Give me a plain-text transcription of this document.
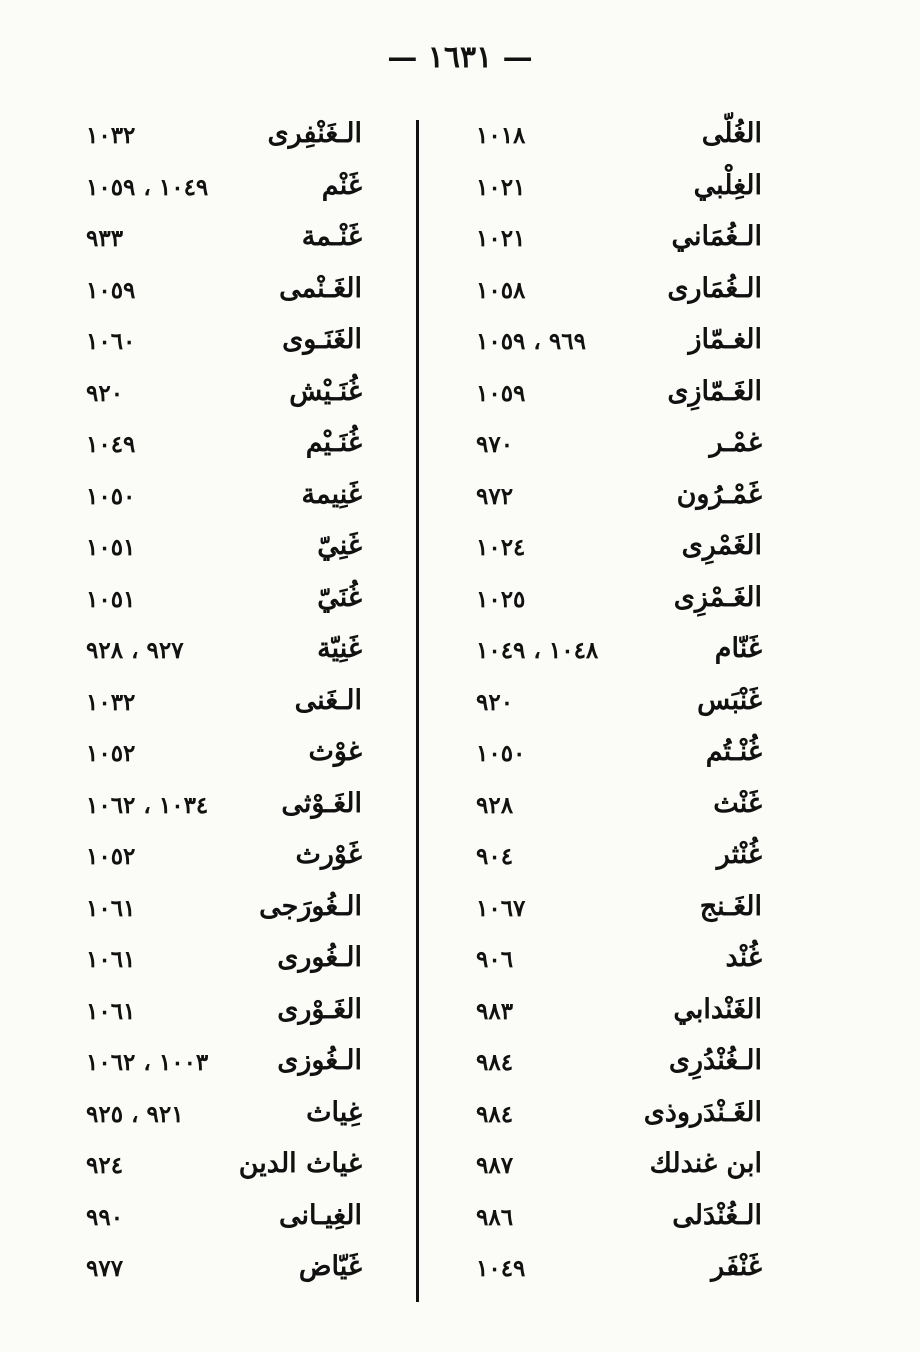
— ١٦٣١ —
الغُلّى
١٠١٨
الغِلْبي
١٠٢١
الـغُمَاني
١٠٢١
الـغُمَارى
١٠٥٨
الغـمّاز
٩٦٩ ، ١٠٥٩
الغَـمّازِى
١٠٥٩
غمْـر
٩٧٠
غَمْـرُون
٩٧٢
الغَمْرِى
١٠٢٤
الغَـمْزِى
١٠٢٥
غَنّام
١٠٤٨ ، ١٠٤٩
غَنْبَس
٩٢٠
غُنْـتُم
١٠٥٠
غَنْث
٩٢٨
غُنْثر
٩٠٤
الغَـنج
١٠٦٧
غُنْد
٩٠٦
الغَنْدابي
٩٨٣
الـغُنْدُرِى
٩٨٤
الغَـنْدَروذى
٩٨٤
ابن غندلك
٩٨٧
الـغُنْدَلى
٩٨٦
غَنْفَر
١٠٤٩
الـغَنْفِرى
١٠٣٢
غَنْم
١٠٤٩ ، ١٠٥٩
غَنْـمة
٩٣٣
الغَـنْمى
١٠٥٩
الغَنَـوى
١٠٦٠
غُنَـيْش
٩٢٠
غُنَـيْم
١٠٤٩
غَنِيمة
١٠٥٠
غَنِيّ
١٠٥١
غُنَيّ
١٠٥١
غَنِيّة
٩٢٧ ، ٩٢٨
الـغَنى
١٠٣٢
غوْث
١٠٥٢
الغَـوْثى
١٠٣٤ ، ١٠٦٢
غَوْرث
١٠٥٢
الـغُورَجى
١٠٦١
الـغُورى
١٠٦١
الغَـوْرى
١٠٦١
الـغُوزى
١٠٠٣ ، ١٠٦٢
غِياث
٩٢١ ، ٩٢٥
غياث الدين
٩٢٤
الغِيـانى
٩٩٠
غَيّاض
٩٧٧
